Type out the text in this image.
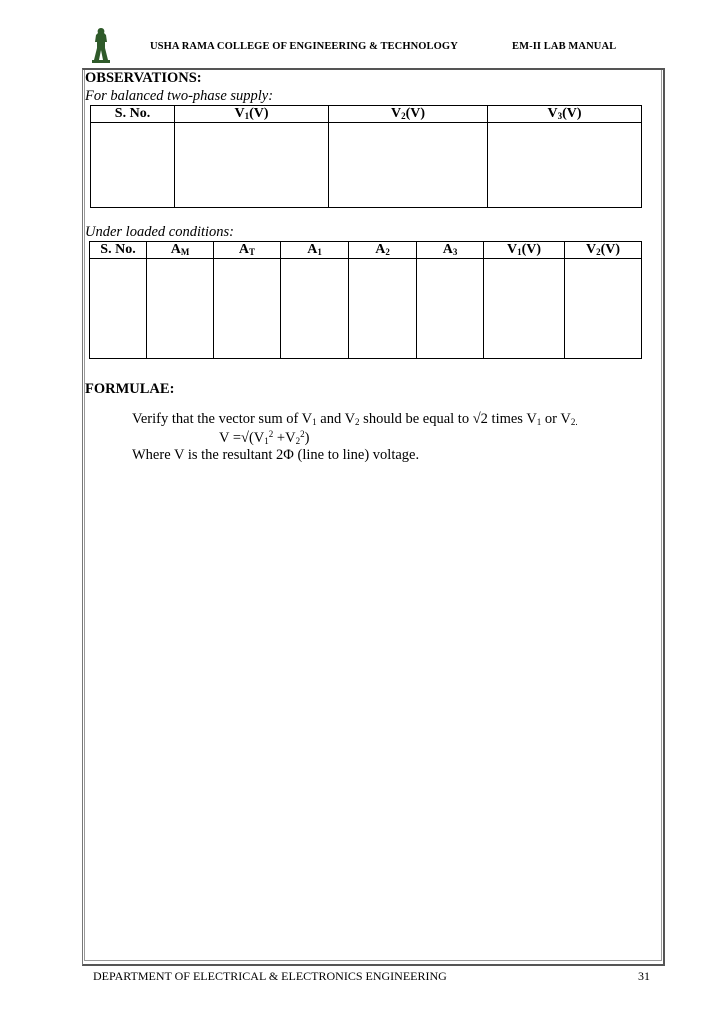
USHA RAMA COLLEGE OF ENGINEERING & TECHNOLOGY	EM-II LAB MANUAL
OBSERVATIONS:
For balanced two-phase supply:
S. No.	$V_1(V)$	$V_2(V)$	$V_3(V)$

Under loaded conditions:
S. No.	$A_M$	$A_T$	$A_1$	$A_2$	$A_3$	$V_1(V)$	$V_2(V)$

FORMULAE:
Verify that the vector sum of $V_1$ and $V_2$ should be equal to √2 times $V_1$ or $V_{2.}$
$V =√(V_1^2 +V_2^2)$
Where V is the resultant 2Φ (line to line) voltage.
DEPARTMENT OF ELECTRICAL & ELECTRONICS ENGINEERING	31
